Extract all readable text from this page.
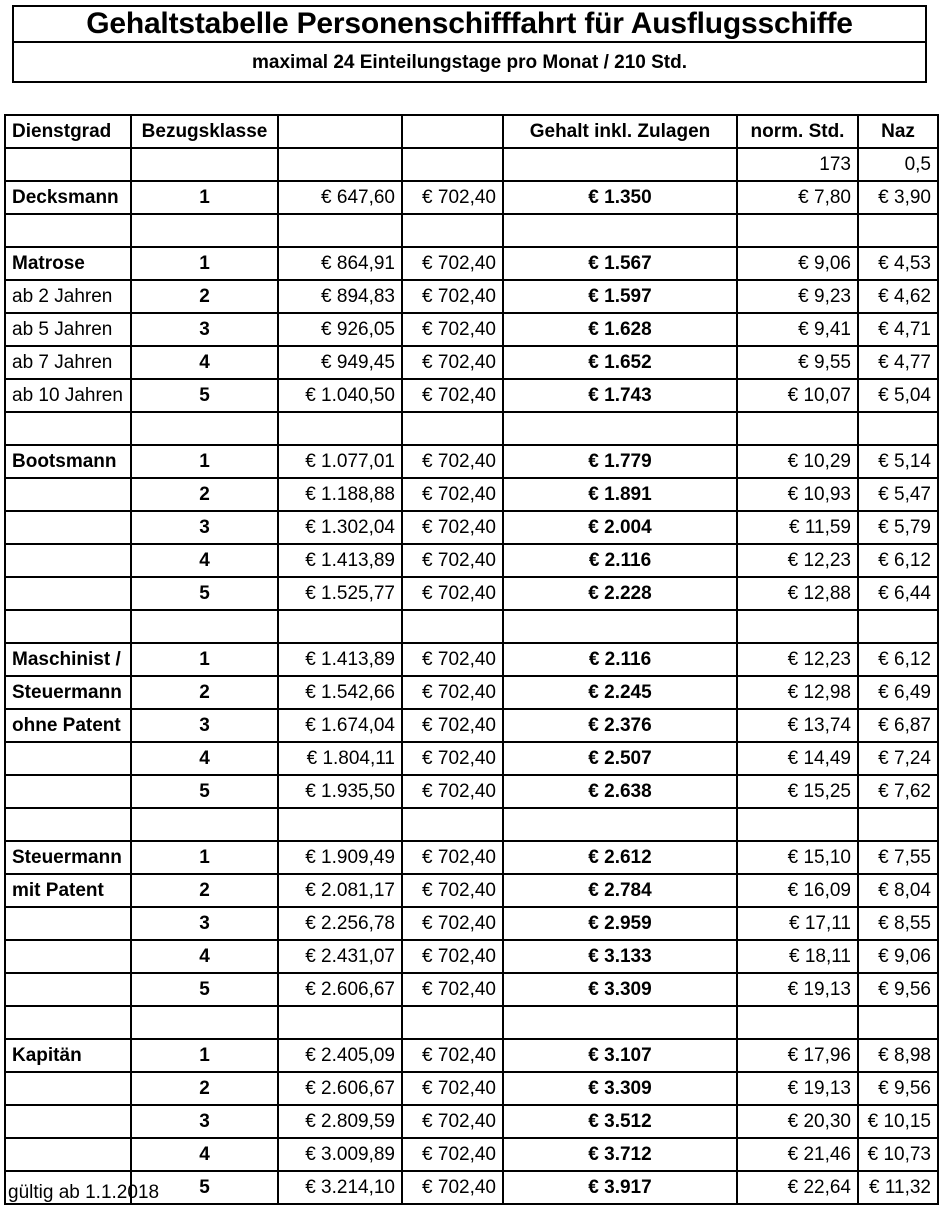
Gehaltstabelle Personenschifffahrt für Ausflugsschiffe
maximal 24 Einteilungstage pro Monat / 210 Std.
Dienstgrad	Bezugsklasse			Gehalt inkl. Zulagen	norm. Std.	Naz
					173	0,5
Decksmann	1	€ 647,60	€ 702,40	€ 1.350	€ 7,80	€ 3,90

Matrose	1	€ 864,91	€ 702,40	€ 1.567	€ 9,06	€ 4,53
ab 2 Jahren	2	€ 894,83	€ 702,40	€ 1.597	€ 9,23	€ 4,62
ab 5 Jahren	3	€ 926,05	€ 702,40	€ 1.628	€ 9,41	€ 4,71
ab 7 Jahren	4	€ 949,45	€ 702,40	€ 1.652	€ 9,55	€ 4,77
ab 10 Jahren	5	€ 1.040,50	€ 702,40	€ 1.743	€ 10,07	€ 5,04

Bootsmann	1	€ 1.077,01	€ 702,40	€ 1.779	€ 10,29	€ 5,14
	2	€ 1.188,88	€ 702,40	€ 1.891	€ 10,93	€ 5,47
	3	€ 1.302,04	€ 702,40	€ 2.004	€ 11,59	€ 5,79
	4	€ 1.413,89	€ 702,40	€ 2.116	€ 12,23	€ 6,12
	5	€ 1.525,77	€ 702,40	€ 2.228	€ 12,88	€ 6,44

Maschinist /	1	€ 1.413,89	€ 702,40	€ 2.116	€ 12,23	€ 6,12
Steuermann	2	€ 1.542,66	€ 702,40	€ 2.245	€ 12,98	€ 6,49
ohne Patent	3	€ 1.674,04	€ 702,40	€ 2.376	€ 13,74	€ 6,87
	4	€ 1.804,11	€ 702,40	€ 2.507	€ 14,49	€ 7,24
	5	€ 1.935,50	€ 702,40	€ 2.638	€ 15,25	€ 7,62

Steuermann	1	€ 1.909,49	€ 702,40	€ 2.612	€ 15,10	€ 7,55
mit Patent	2	€ 2.081,17	€ 702,40	€ 2.784	€ 16,09	€ 8,04
	3	€ 2.256,78	€ 702,40	€ 2.959	€ 17,11	€ 8,55
	4	€ 2.431,07	€ 702,40	€ 3.133	€ 18,11	€ 9,06
	5	€ 2.606,67	€ 702,40	€ 3.309	€ 19,13	€ 9,56

Kapitän	1	€ 2.405,09	€ 702,40	€ 3.107	€ 17,96	€ 8,98
	2	€ 2.606,67	€ 702,40	€ 3.309	€ 19,13	€ 9,56
	3	€ 2.809,59	€ 702,40	€ 3.512	€ 20,30	€ 10,15
	4	€ 3.009,89	€ 702,40	€ 3.712	€ 21,46	€ 10,73
	5	€ 3.214,10	€ 702,40	€ 3.917	€ 22,64	€ 11,32
gültig ab 1.1.2018
